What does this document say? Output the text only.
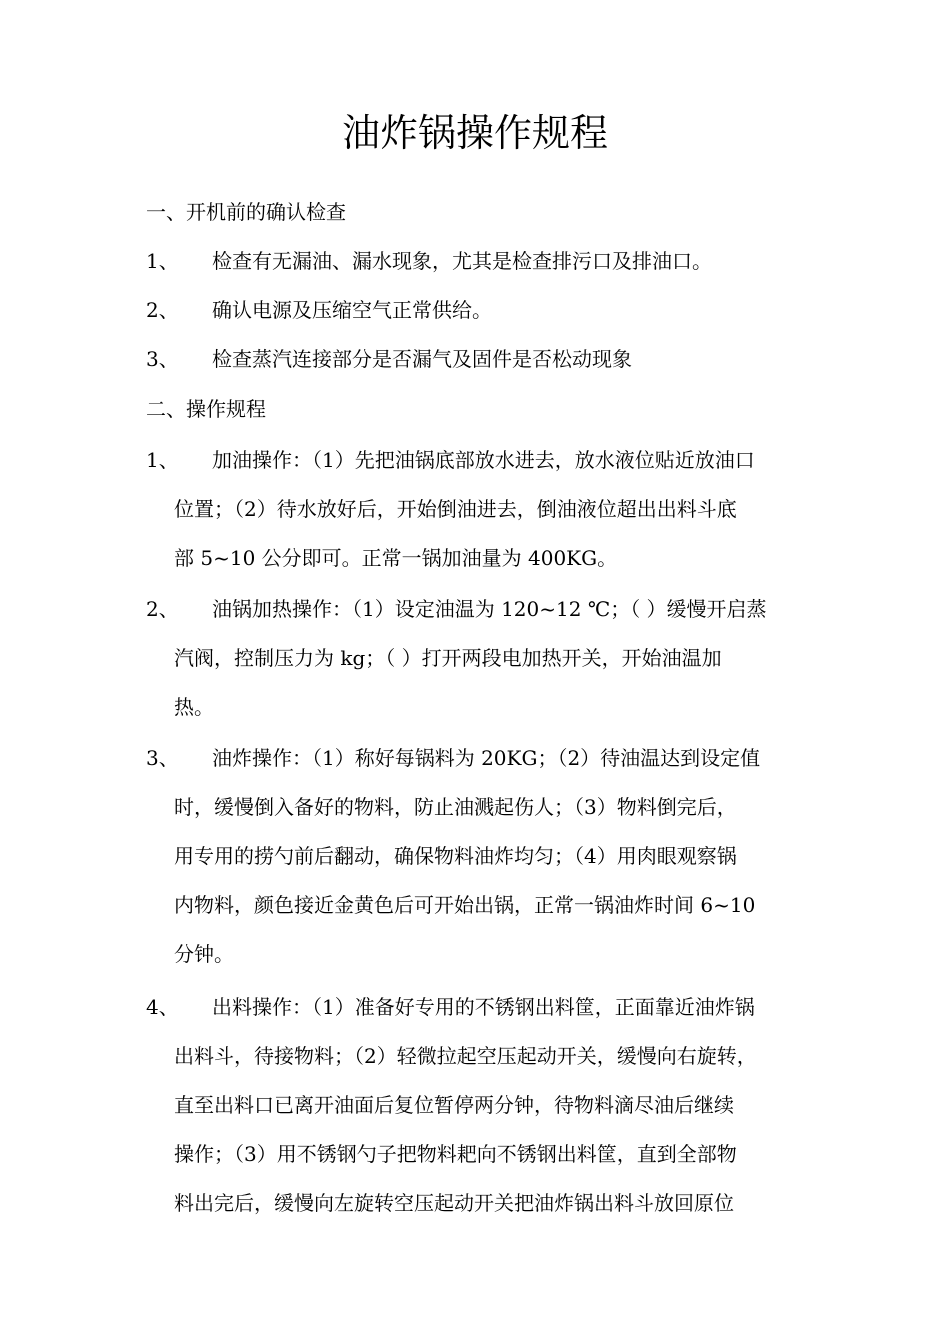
油炸锅操作规程
一、开机前的确认检查
1、 检查有无漏油、漏水现象，尤其是检查排污口及排油口。
2、 确认电源及压缩空气正常供给。
3、 检查蒸汽连接部分是否漏气及固件是否松动现象
二、操作规程
1、 加油操作：（1）先把油锅底部放水进去，放水液位贴近放油口
位置；（2）待水放好后，开始倒油进去，倒油液位超出出料斗底
部 5~10 公分即可。正常一锅加油量为 400KG。
2、 油锅加热操作：（1）设定油温为 120~12 ℃；（ ）缓慢开启蒸
汽阀，控制压力为 kg；（ ）打开两段电加热开关，开始油温加
热。
3、 油炸操作：（1）称好每锅料为 20KG；（2）待油温达到设定值
时，缓慢倒入备好的物料，防止油溅起伤人；（3）物料倒完后，
用专用的捞勺前后翻动，确保物料油炸均匀；（4）用肉眼观察锅
内物料，颜色接近金黄色后可开始出锅，正常一锅油炸时间 6~10
分钟。
4、 出料操作：（1）准备好专用的不锈钢出料筐，正面靠近油炸锅
出料斗，待接物料；（2）轻微拉起空压起动开关，缓慢向右旋转，
直至出料口已离开油面后复位暂停两分钟，待物料滴尽油后继续
操作；（3）用不锈钢勺子把物料耙向不锈钢出料筐，直到全部物
料出完后，缓慢向左旋转空压起动开关把油炸锅出料斗放回原位
